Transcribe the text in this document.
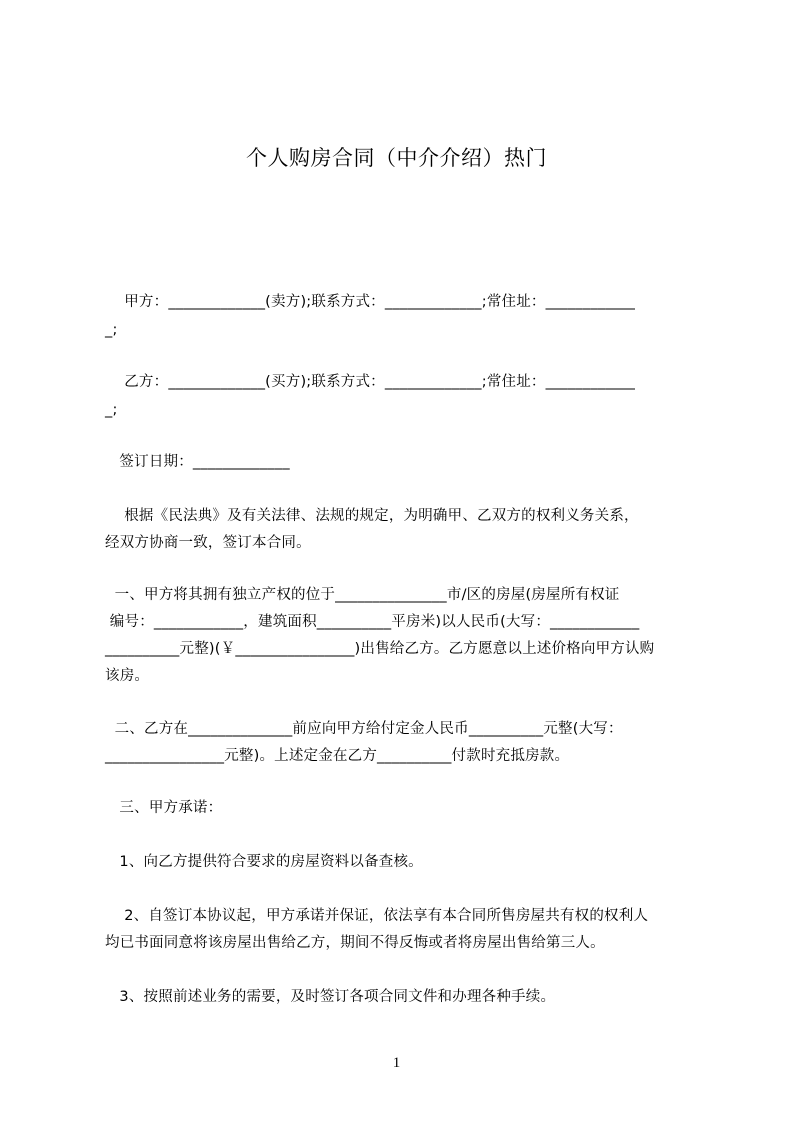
个人购房合同（中介介绍）热门
甲方：_____________(卖方);联系方式：_____________;常住址：____________
_;
乙方：_____________(买方);联系方式：_____________;常住址：____________
_;
签订日期：_____________
根据《民法典》及有关法律、法规的规定，为明确甲、乙双方的权利义务关系，
经双方协商一致，签订本合同。
一、甲方将其拥有独立产权的位于_______________市/区的房屋(房屋所有权证
编号：____________，建筑面积__________平房米)以人民币(大写：____________
__________元整)(￥________________)出售给乙方。乙方愿意以上述价格向甲方认购
该房。
二、乙方在______________前应向甲方给付定金人民币__________元整(大写：
________________元整)。上述定金在乙方__________付款时充抵房款。
三、甲方承诺：
1、向乙方提供符合要求的房屋资料以备查核。
2、自签订本协议起，甲方承诺并保证，依法享有本合同所售房屋共有权的权利人
均已书面同意将该房屋出售给乙方，期间不得反悔或者将房屋出售给第三人。
3、按照前述业务的需要，及时签订各项合同文件和办理各种手续。
1
